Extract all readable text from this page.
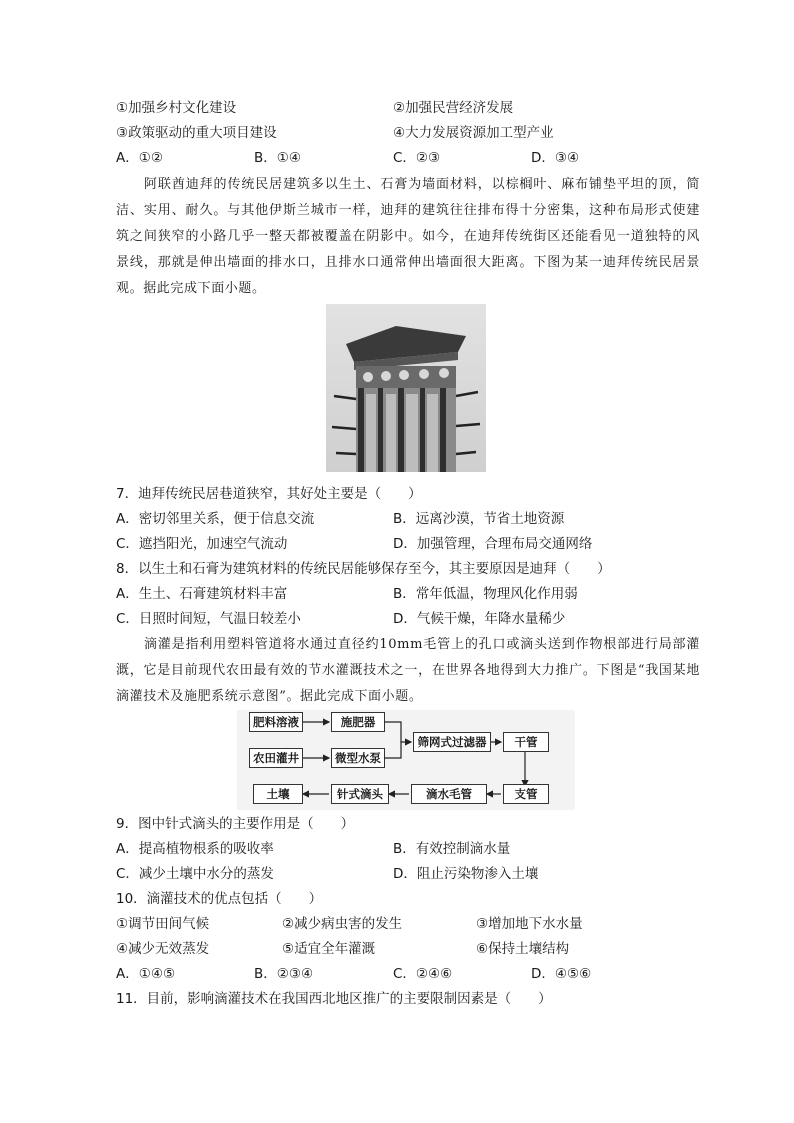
①加强乡村文化建设	②加强民营经济发展
③政策驱动的重大项目建设	④大力发展资源加工型产业
A．①②	B．①④	C．②③	D．③④
阿联酋迪拜的传统民居建筑多以生土、石膏为墙面材料，以棕榈叶、麻布铺垫平坦的顶，简洁、实用、耐久。与其他伊斯兰城市一样，迪拜的建筑往往排布得十分密集，这种布局形式使建筑之间狭窄的小路几乎一整天都被覆盖在阴影中。如今，在迪拜传统街区还能看见一道独特的风景线，那就是伸出墙面的排水口，且排水口通常伸出墙面很大距离。下图为某一迪拜传统民居景观。据此完成下面小题。
7．迪拜传统民居巷道狭窄，其好处主要是（　　）
A．密切邻里关系，便于信息交流	B．远离沙漠，节省土地资源
C．遮挡阳光，加速空气流动	D．加强管理，合理布局交通网络
8．以生土和石膏为建筑材料的传统民居能够保存至今，其主要原因是迪拜（　　）
A．生土、石膏建筑材料丰富	B．常年低温，物理风化作用弱
C．日照时间短，气温日较差小	D．气候干燥，年降水量稀少
滴灌是指利用塑料管道将水通过直径约10mm毛管上的孔口或滴头送到作物根部进行局部灌溉，它是目前现代农田最有效的节水灌溉技术之一，在世界各地得到大力推广。下图是“我国某地滴灌技术及施肥系统示意图”。据此完成下面小题。
肥料溶液	施肥器
农田灌井	微型水泵
筛网式过滤器	干管
支管
滴水毛管
针式滴头
土壤
9．图中针式滴头的主要作用是（　　）
A．提高植物根系的吸收率	B．有效控制滴水量
C．减少土壤中水分的蒸发	D．阻止污染物渗入土壤
10．滴灌技术的优点包括（　　）
①调节田间气候	②减少病虫害的发生	③增加地下水水量
④减少无效蒸发	⑤适宜全年灌溉	⑥保持土壤结构
A．①④⑤	B．②③④	C．②④⑥	D．④⑤⑥
11．目前，影响滴灌技术在我国西北地区推广的主要限制因素是（　　）
